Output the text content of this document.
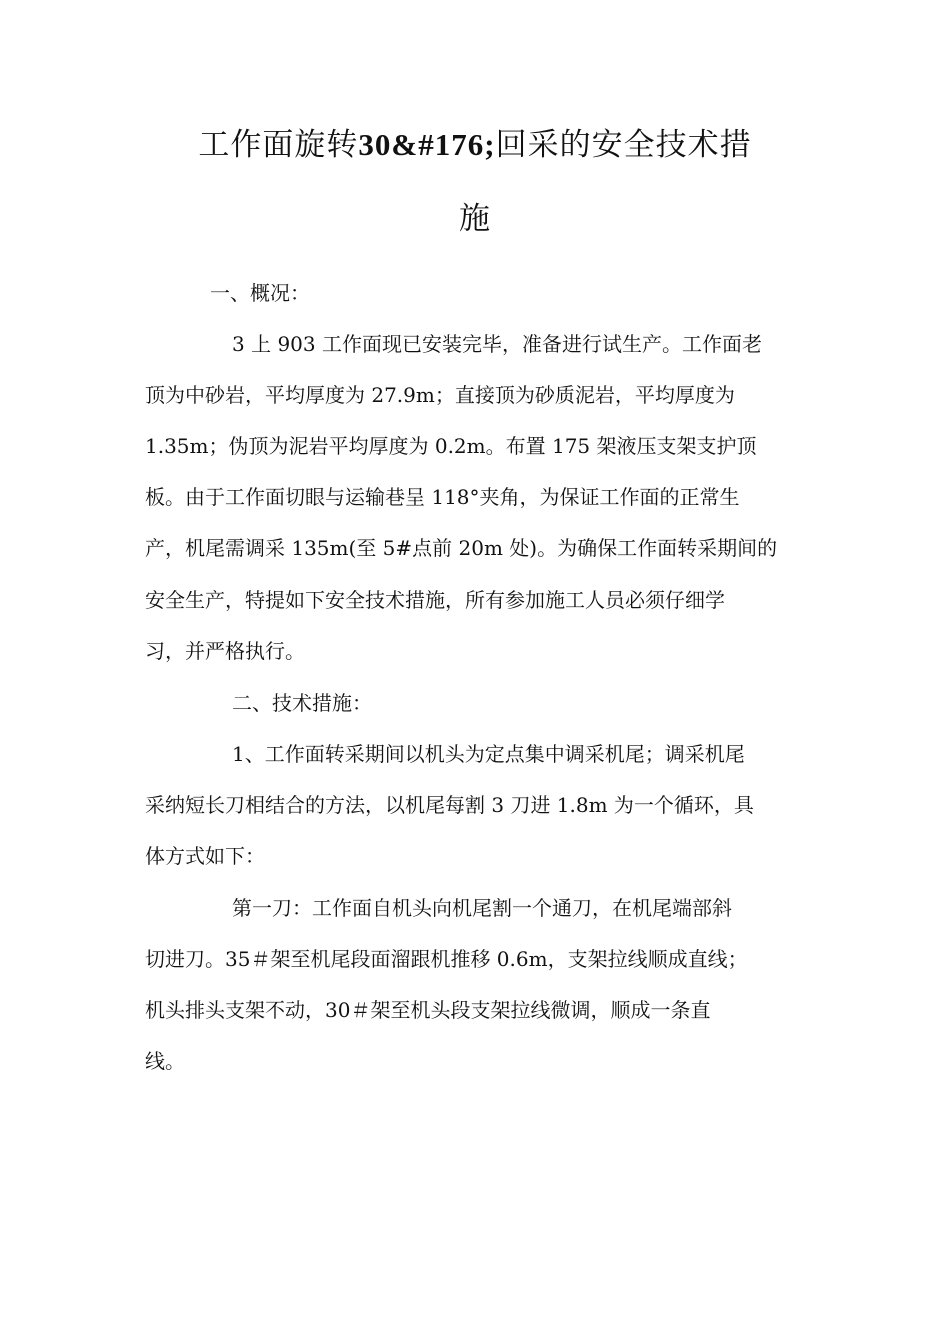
工作面旋转30&#176;回采的安全技术措
施

一、概况：

3 上 903 工作面现已安装完毕，准备进行试生产。工作面老

顶为中砂岩，平均厚度为 27.9m；直接顶为砂质泥岩，平均厚度为

1.35m；伪顶为泥岩平均厚度为 0.2m。布置 175 架液压支架支护顶

板。由于工作面切眼与运输巷呈 118°夹角，为保证工作面的正常生

产，机尾需调采 135m(至 5#点前 20m 处)。为确保工作面转采期间的

安全生产，特提如下安全技术措施，所有参加施工人员必须仔细学

习，并严格执行。

二、技术措施：

1、工作面转采期间以机头为定点集中调采机尾；调采机尾

采纳短长刀相结合的方法，以机尾每割 3 刀进 1.8m 为一个循环，具

体方式如下：

第一刀：工作面自机头向机尾割一个通刀，在机尾端部斜

切进刀。35＃架至机尾段面溜跟机推移 0.6m，支架拉线顺成直线；

机头排头支架不动，30＃架至机头段支架拉线微调，顺成一条直

线。
